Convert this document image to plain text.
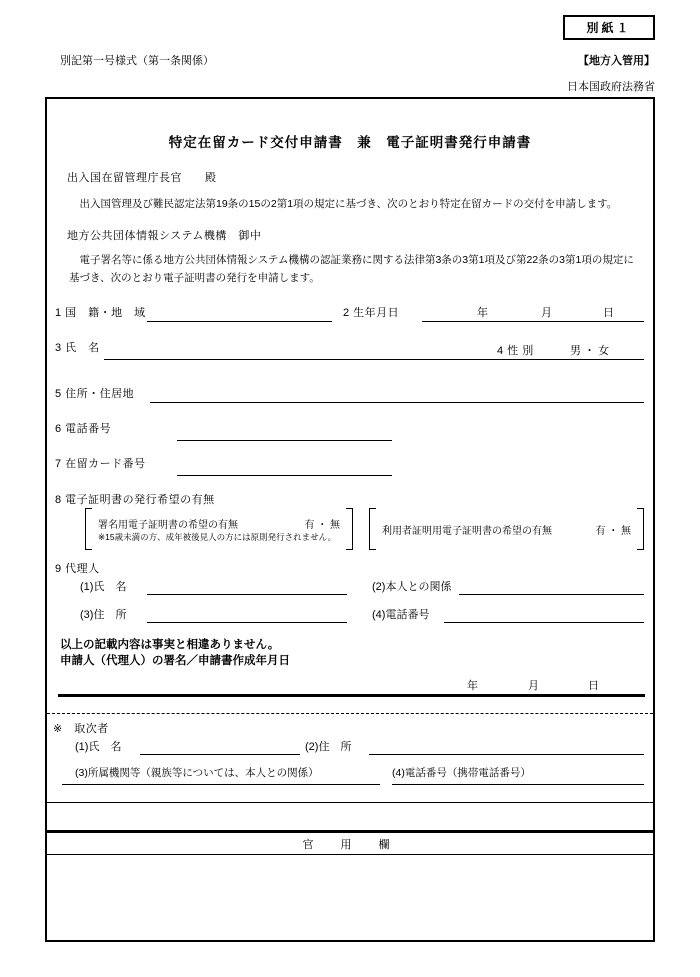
別紙１
別記第一号様式（第一条関係）	【地方入管用】
日本国政府法務省
特定在留カード交付申請書　兼　電子証明書発行申請書
出入国在留管理庁長官　　殿
　出入国管理及び難民認定法第19条の15の2第1項の規定に基づき、次のとおり特定在留カードの交付を申請します。
地方公共団体情報システム機構　御中
　電子署名等に係る地方公共団体情報システム機構の認証業務に関する法律第3条の3第1項及び第22条の3第1項の規定に基づき、次のとおり電子証明書の発行を申請します。
1 国　籍・地　域	2 生年月日	年	月	日
3 氏　名	4 性 別	男 ・ 女
5 住所・住居地
6 電話番号
7 在留カード番号
8 電子証明書の発行希望の有無
署名用電子証明書の希望の有無	有 ・ 無
※15歳未満の方、成年被後見人の方には原則発行されません。	利用者証明用電子証明書の希望の有無	有 ・ 無
9 代理人
(1)氏　名	(2)本人との関係
(3)住　所	(4)電話番号
以上の記載内容は事実と相違ありません。
申請人（代理人）の署名／申請書作成年月日
年	月	日
※　取次者
(1)氏　名	(2)住　所
(3)所属機関等（親族等については、本人との関係）	(4)電話番号（携帯電話番号）
官　用　欄
